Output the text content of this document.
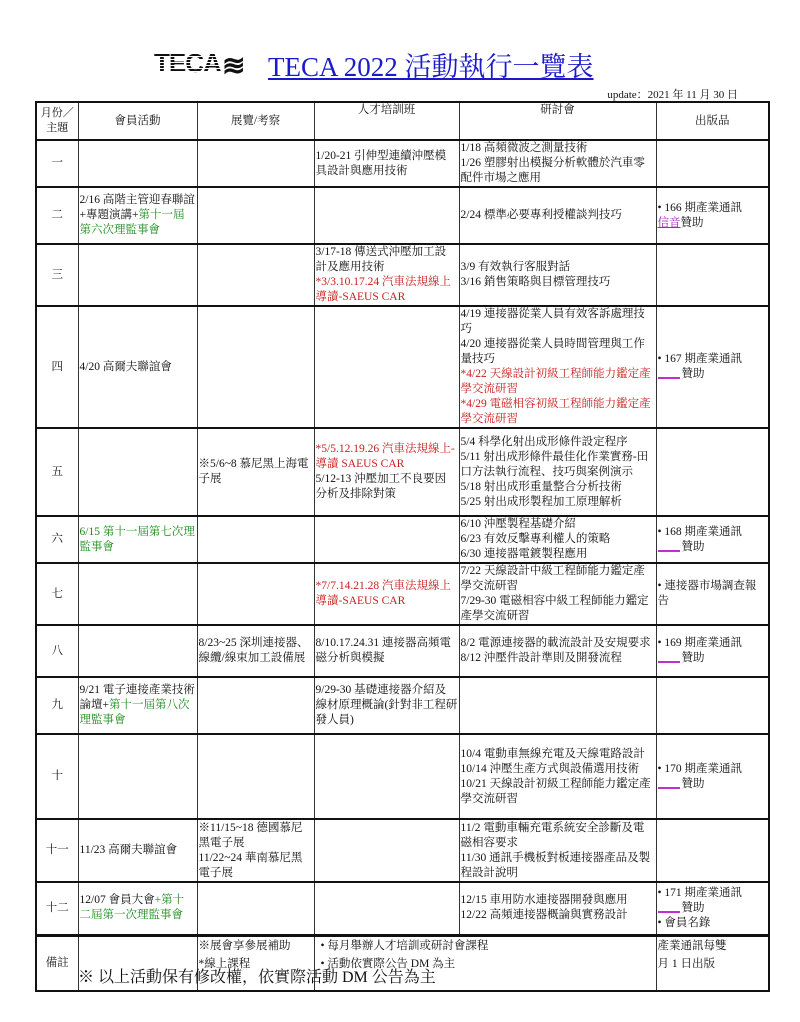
TECA ≋ TECA 2022 活動執行一覽表
update：2021 年 11 月 30 日
月份／主題	會員活動	展覽/考察	人才培訓班	研討會	出版品
一			1/20-21 引伸型連續沖壓模具設計與應用技術	1/18 高頻微波之測量技術
1/26 塑膠射出模擬分析軟體於汽車零配件市場之應用	

二	2/16 高階主管迎春聯誼+專題演講+第十一屆第六次理監事會			2/24 標準必要專利授權談判技巧	• 166 期產業通訊
信音贊助

三			3/17-18 傳送式沖壓加工設計及應用技術
*3/3.10.17.24 汽車法規線上導讀-SAEUS CAR	3/9 有效執行客服對話
3/16 銷售策略與目標管理技巧	

四	4/20 高爾夫聯誼會			4/19 連接器從業人員有效客訴處理技巧
4/20 連接器從業人員時間管理與工作量技巧
*4/22 天線設計初級工程師能力鑑定產學交流研習
*4/29 電磁相容初級工程師能力鑑定產學交流研習	• 167 期產業通訊
贊助

五		※5/6~8 慕尼黑上海電子展	*5/5.12.19.26 汽車法規線上-導讀 SAEUS CAR
5/12-13 沖壓加工不良要因分析及排除對策	5/4 科學化射出成形條件設定程序
5/11 射出成形條件最佳化作業實務-田口方法執行流程、技巧與案例演示
5/18 射出成形重量整合分析技術
5/25 射出成形製程加工原理解析	

六	6/15 第十一屆第七次理監事會			6/10 沖壓製程基礎介紹
6/23 有效反擊專利權人的策略
6/30 連接器電鍍製程應用	• 168 期產業通訊
贊助

七			*7/7.14.21.28 汽車法規線上導讀-SAEUS CAR	7/22 天線設計中級工程師能力鑑定產學交流研習
7/29-30 電磁相容中級工程師能力鑑定產學交流研習	• 連接器市場調查報告

八		8/23~25 深圳連接器、線纜/線束加工設備展	8/10.17.24.31 連接器高頻電磁分析與模擬	8/2 電源連接器的載流設計及安規要求
8/12 沖壓件設計準則及開發流程	• 169 期產業通訊
贊助

九	9/21 電子連接產業技術論壇+第十一屆第八次理監事會		9/29-30 基礎連接器介紹及線材原理概論(針對非工程研發人員)		

十				10/4 電動車無線充電及天線電路設計
10/14 沖壓生產方式與設備選用技術
10/21 天線設計初級工程師能力鑑定產學交流研習	• 170 期產業通訊
贊助

十一	11/23 高爾夫聯誼會	※11/15~18 德國慕尼黑電子展
11/22~24 華南慕尼黑電子展		11/2 電動車輛充電系統安全診斷及電磁相容要求
11/30 通訊手機板對板連接器產品及製程設計說明	

十二	12/07 會員大會+第十二屆第一次理監事會			12/15 車用防水連接器開發與應用
12/22 高頻連接器概論與實務設計	• 171 期產業通訊
贊助
• 會員名錄

備註		※展會享參展補助
*線上課程	• 每月舉辦人才培訓或研討會課程
• 活動依實際公告 DM 為主		產業通訊每雙
月 1 日出版
※ 以上活動保有修改權，依實際活動 DM 公告為主
